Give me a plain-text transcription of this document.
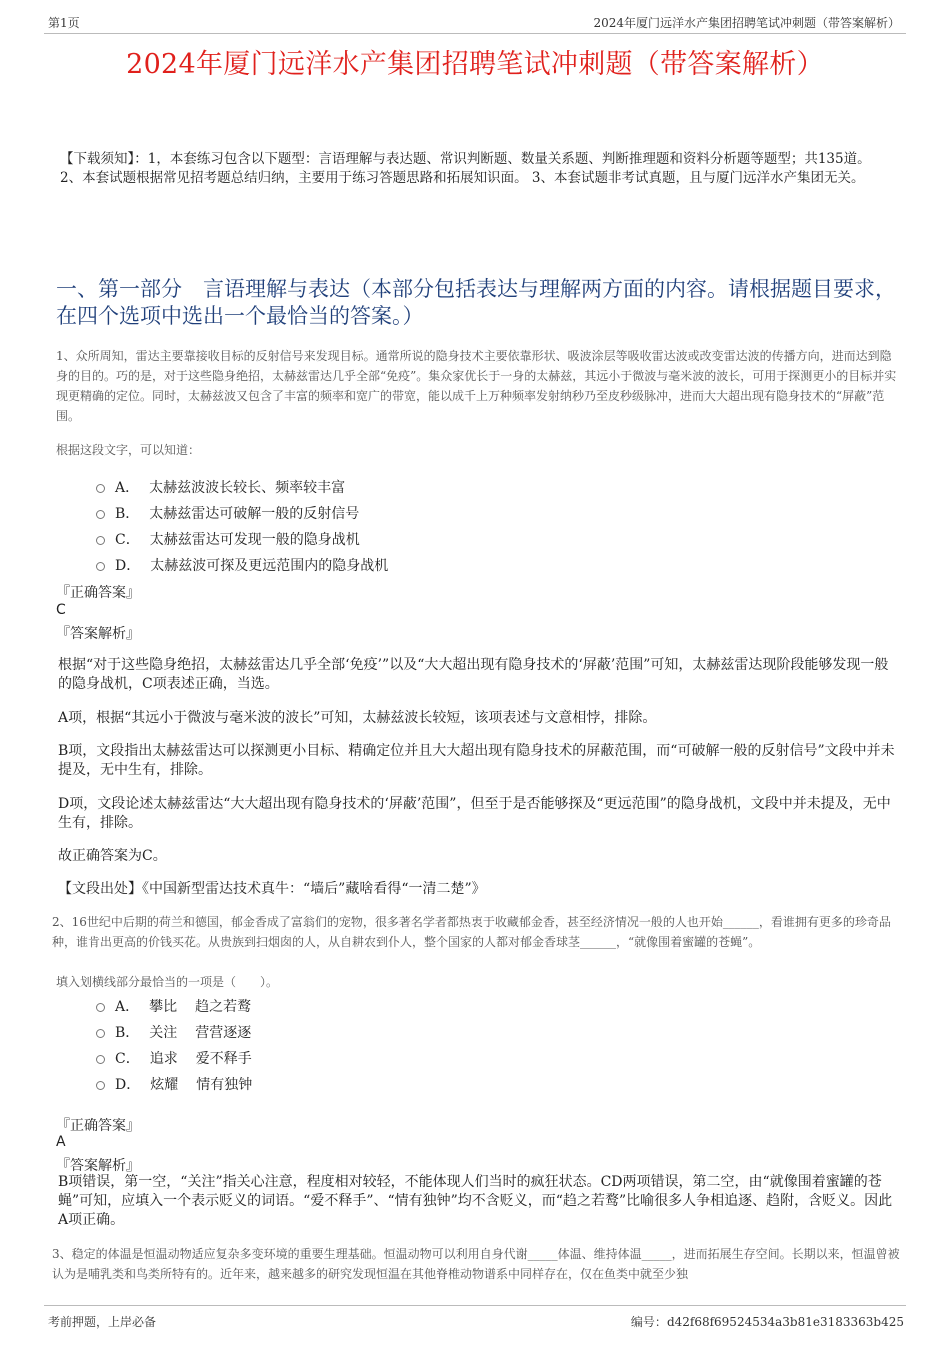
第1页	2024年厦门远洋水产集团招聘笔试冲刺题（带答案解析）
2024年厦门远洋水产集团招聘笔试冲刺题（带答案解析）
【下载须知】：1，本套练习包含以下题型：言语理解与表达题、常识判断题、数量关系题、判断推理题和资料分析题等题型；共135道。 2、本套试题根据常见招考题总结归纳，主要用于练习答题思路和拓展知识面。 3、本套试题非考试真题，且与厦门远洋水产集团无关。
一、第一部分　言语理解与表达（本部分包括表达与理解两方面的内容。请根据题目要求，在四个选项中选出一个最恰当的答案。）
1、众所周知，雷达主要靠接收目标的反射信号来发现目标。通常所说的隐身技术主要依靠形状、吸波涂层等吸收雷达波或改变雷达波的传播方向，进而达到隐身的目的。巧的是，对于这些隐身绝招，太赫兹雷达几乎全部“免疫”。集众家优长于一身的太赫兹，其远小于微波与毫米波的波长，可用于探测更小的目标并实现更精确的定位。同时，太赫兹波又包含了丰富的频率和宽广的带宽，能以成千上万种频率发射纳秒乃至皮秒级脉冲，进而大大超出现有隐身技术的“屏蔽”范围。
根据这段文字，可以知道：
A． 太赫兹波波长较长、频率较丰富
B． 太赫兹雷达可破解一般的反射信号
C． 太赫兹雷达可发现一般的隐身战机
D． 太赫兹波可探及更远范围内的隐身战机
『正确答案』
C
『答案解析』
根据“对于这些隐身绝招，太赫兹雷达几乎全部‘免疫’”以及“大大超出现有隐身技术的‘屏蔽’范围”可知，太赫兹雷达现阶段能够发现一般的隐身战机，C项表述正确，当选。
A项，根据“其远小于微波与毫米波的波长”可知，太赫兹波长较短，该项表述与文意相悖，排除。
B项，文段指出太赫兹雷达可以探测更小目标、精确定位并且大大超出现有隐身技术的屏蔽范围，而“可破解一般的反射信号”文段中并未提及，无中生有，排除。
D项，文段论述太赫兹雷达“大大超出现有隐身技术的‘屏蔽’范围”，但至于是否能够探及“更远范围”的隐身战机，文段中并未提及，无中生有，排除。
故正确答案为C。
【文段出处】《中国新型雷达技术真牛：“墙后”藏啥看得“一清二楚”》
2、16世纪中后期的荷兰和德国，郁金香成了富翁们的宠物，很多著名学者都热衷于收藏郁金香，甚至经济情况一般的人也开始______，看谁拥有更多的珍奇品种，谁肯出更高的价钱买花。从贵族到扫烟囱的人，从自耕农到仆人，整个国家的人都对郁金香球茎______，“就像围着蜜罐的苍蝇”。
填入划横线部分最恰当的一项是（　　）。
A． 攀比 趋之若鹜
B． 关注 营营逐逐
C． 追求 爱不释手
D． 炫耀 情有独钟
『正确答案』
A
『答案解析』
B项错误，第一空，“关注”指关心注意，程度相对较轻，不能体现人们当时的疯狂状态。CD两项错误，第二空，由“就像围着蜜罐的苍蝇”可知，应填入一个表示贬义的词语。“爱不释手”、“情有独钟”均不含贬义，而“趋之若鹜”比喻很多人争相追逐、趋附，含贬义。因此A项正确。
3、稳定的体温是恒温动物适应复杂多变环境的重要生理基础。恒温动物可以利用自身代谢_____体温、维持体温_____，进而拓展生存空间。长期以来，恒温曾被认为是哺乳类和鸟类所特有的。近年来，越来越多的研究发现恒温在其他脊椎动物谱系中同样存在，仅在鱼类中就至少独
考前押题，上岸必备	编号：d42f68f69524534a3b81e3183363b425
